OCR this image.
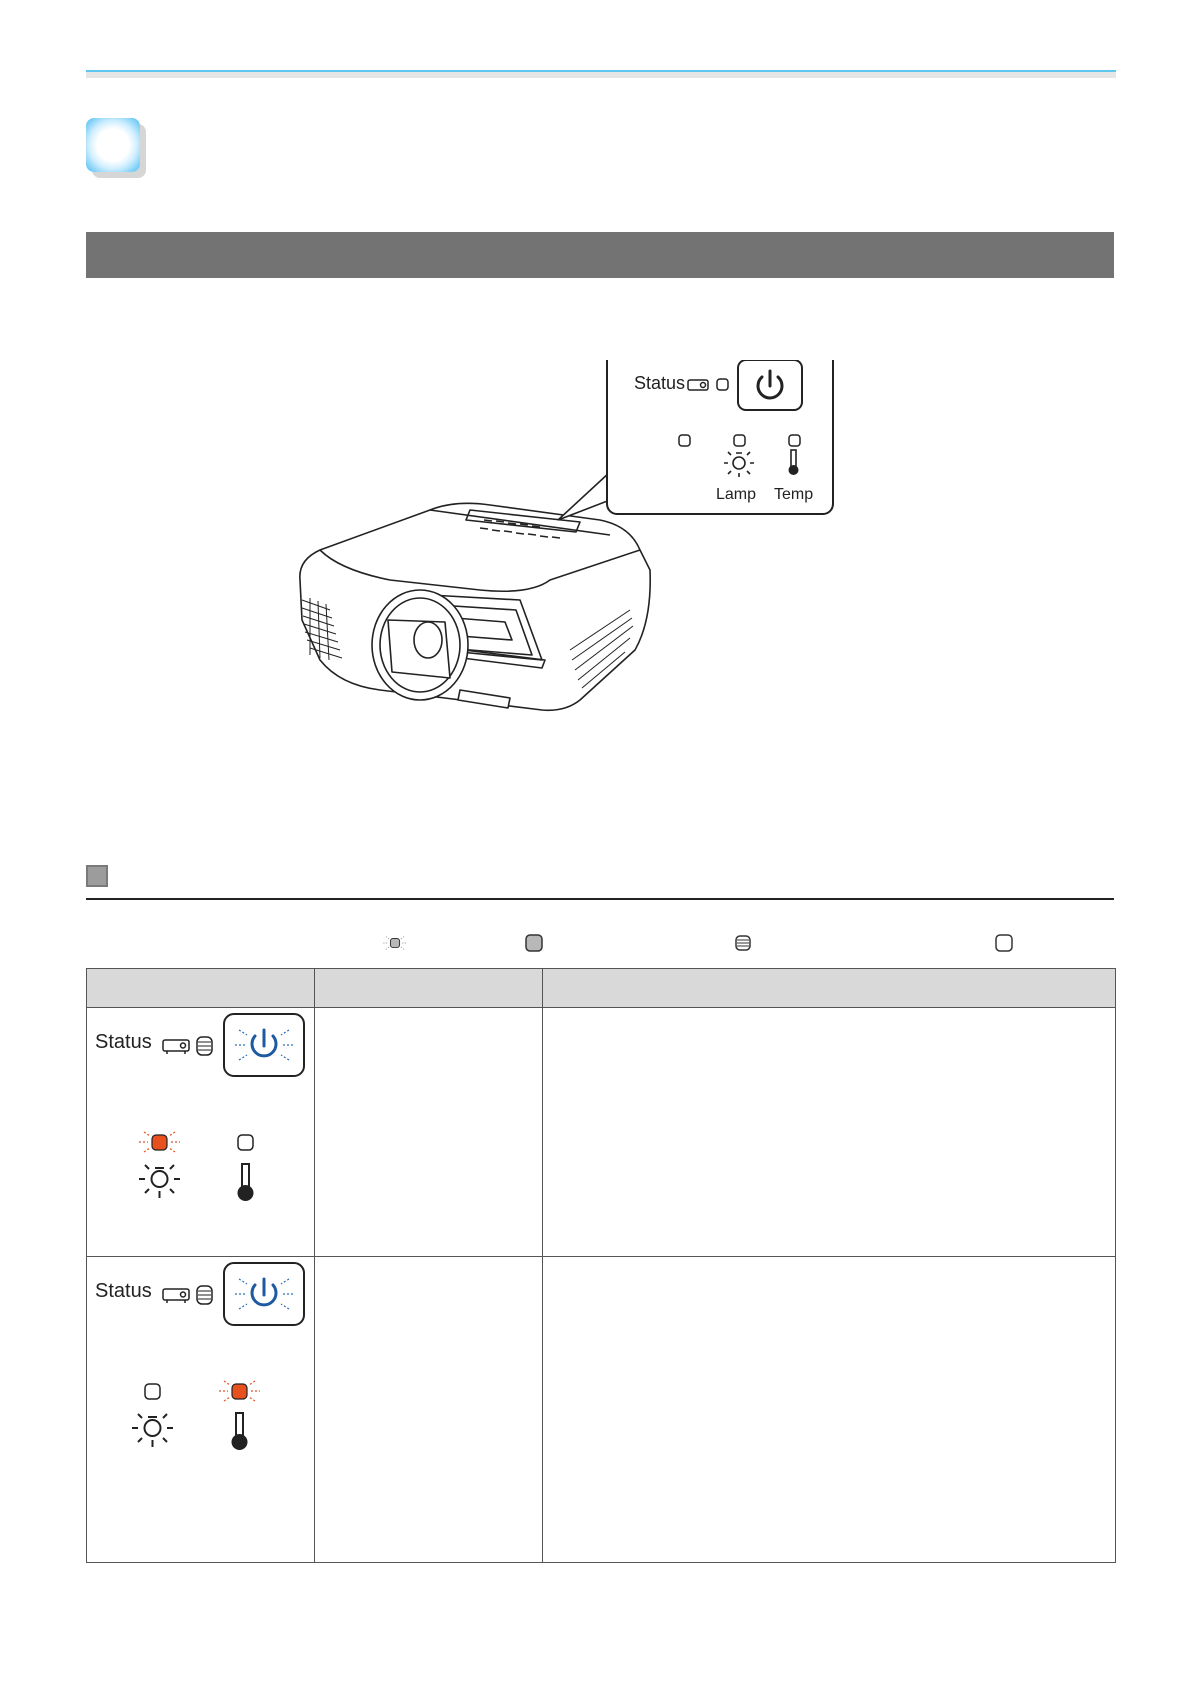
Status
Lamp Temp

Status		

Status		
